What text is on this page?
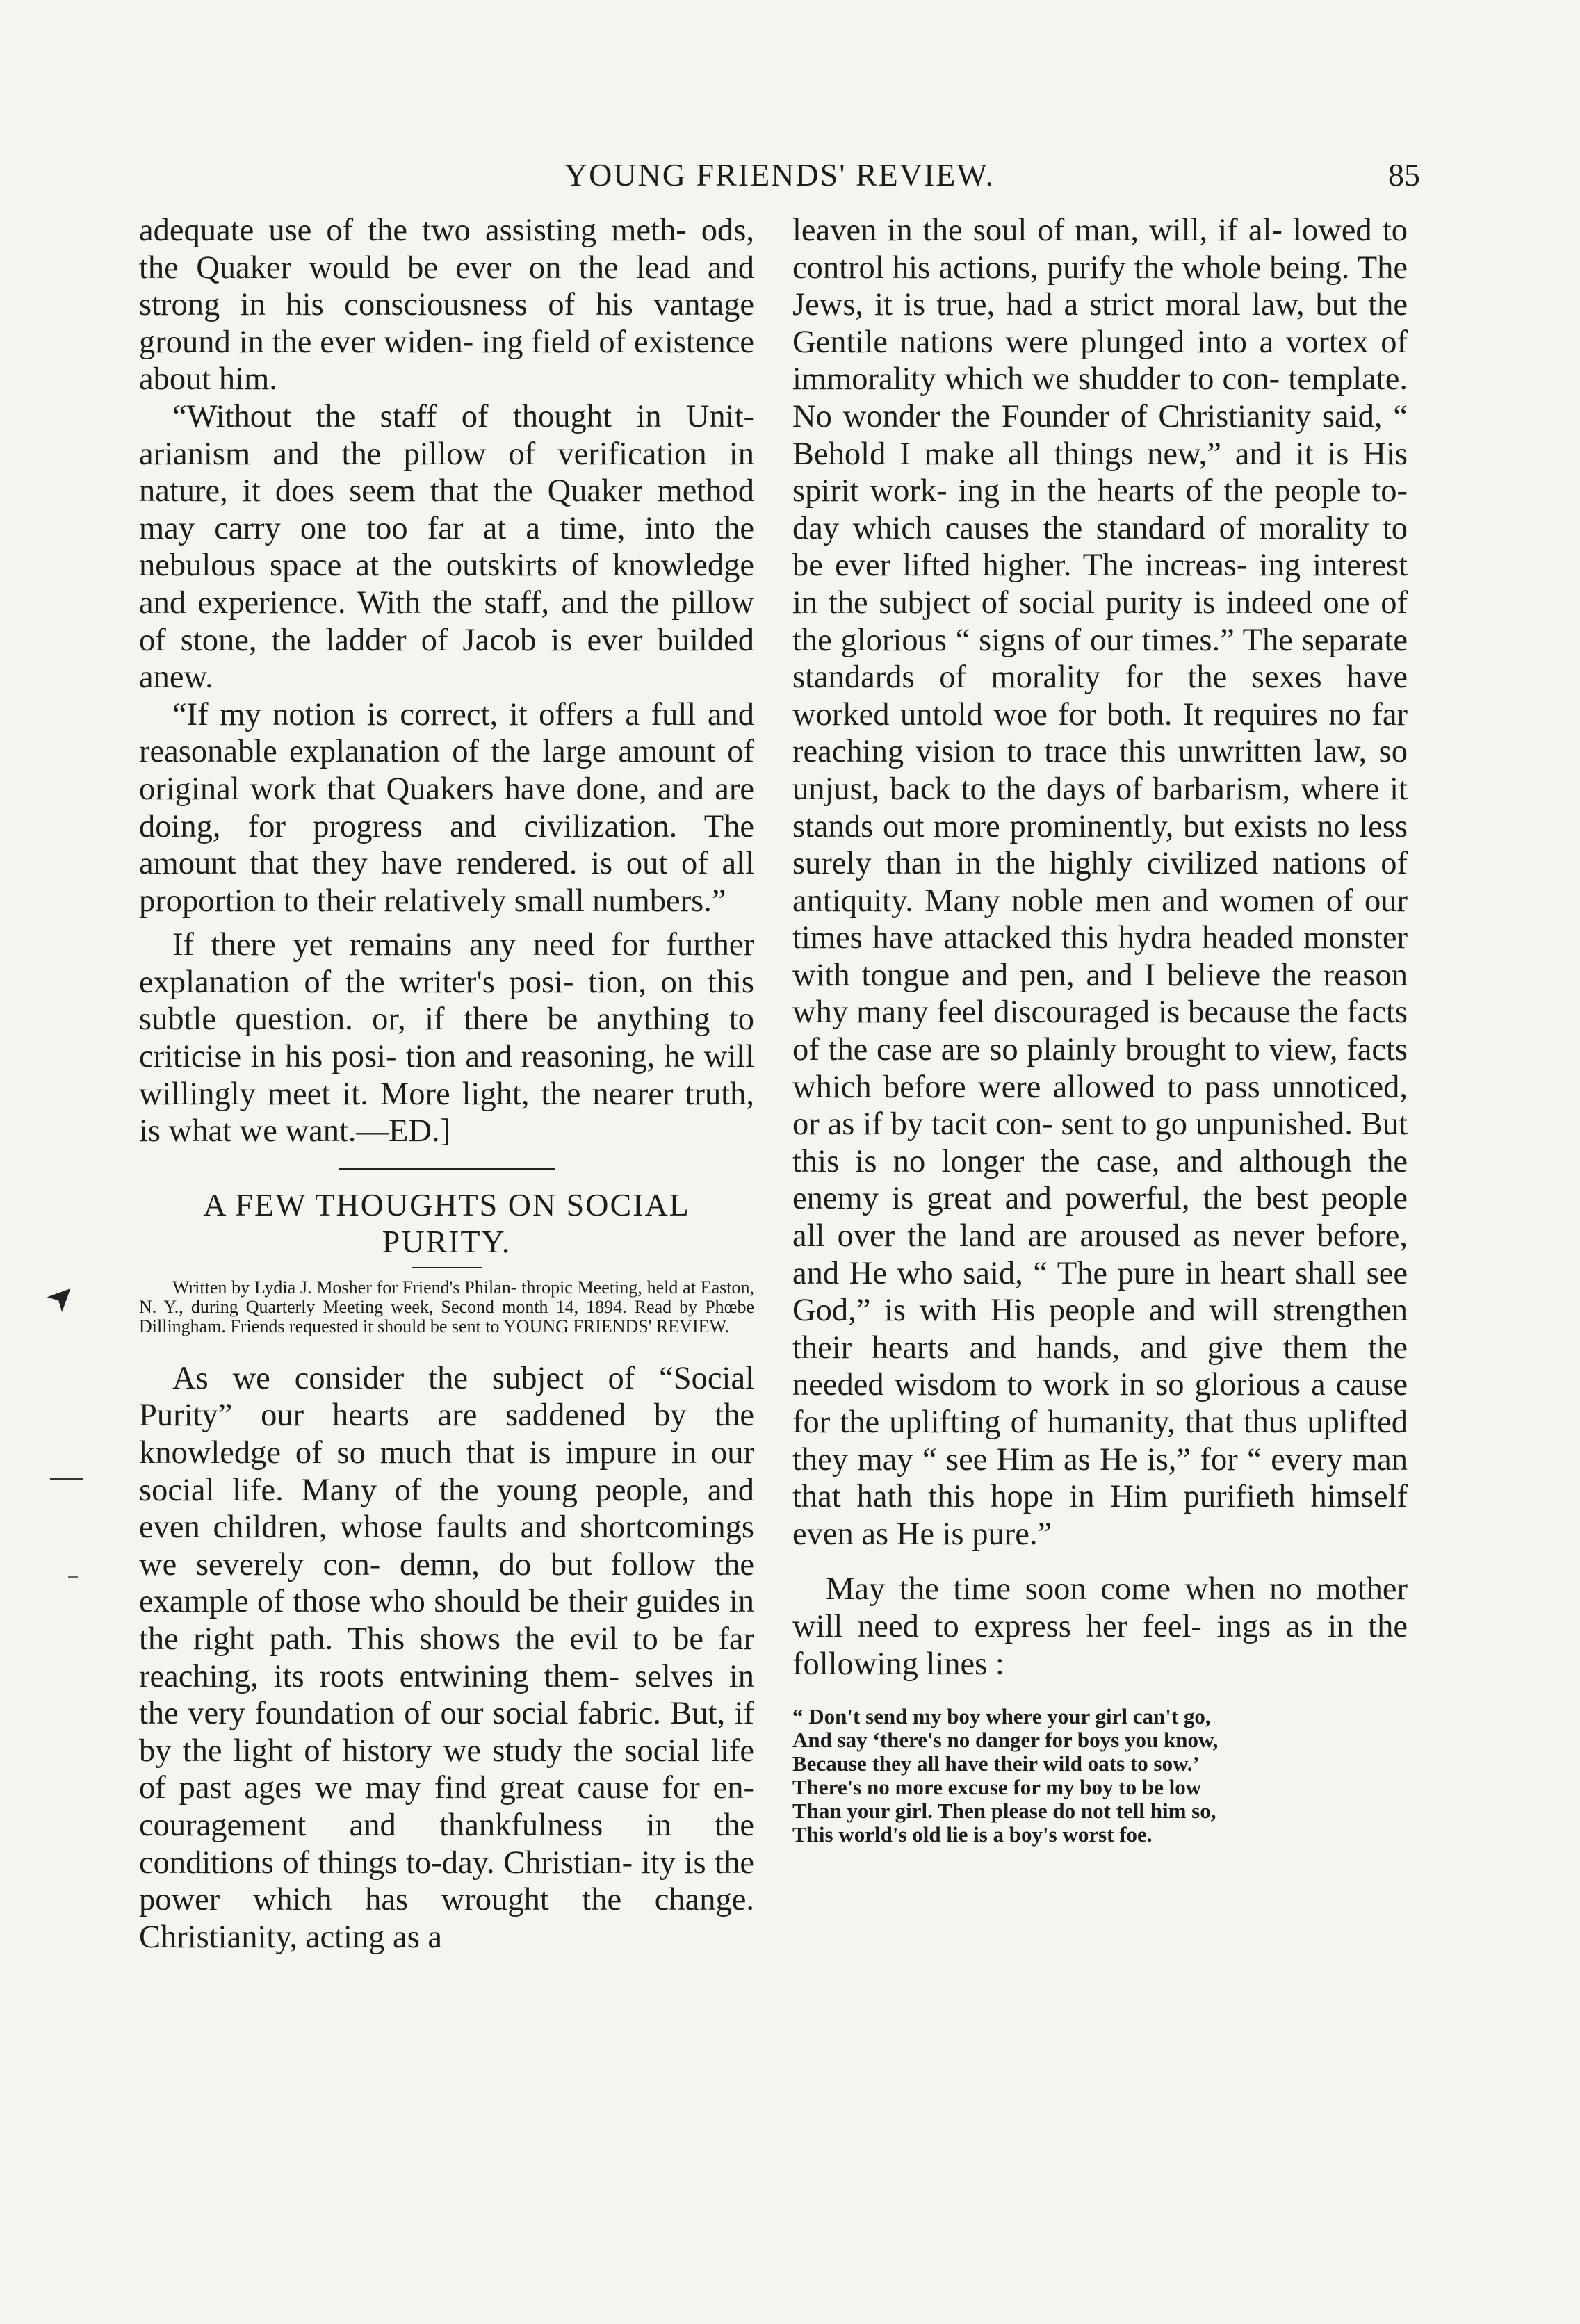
YOUNG FRIENDS' REVIEW.	85
➤

adequate use of the two assisting meth- ods, the Quaker would be ever on the lead and strong in his consciousness of his vantage ground in the ever widen- ing field of existence about him.

“Without the staff of thought in Unit- arianism and the pillow of verification in nature, it does seem that the Quaker method may carry one too far at a time, into the nebulous space at the outskirts of knowledge and experience. With the staff, and the pillow of stone, the ladder of Jacob is ever builded anew.

“If my notion is correct, it offers a full and reasonable explanation of the large amount of original work that Quakers have done, and are doing, for progress and civilization. The amount that they have rendered. is out of all proportion to their relatively small numbers.”

If there yet remains any need for further explanation of the writer's posi- tion, on this subtle question. or, if there be anything to criticise in his posi- tion and reasoning, he will willingly meet it. More light, the nearer truth, is what we want.—ED.]

A FEW THOUGHTS ON SOCIAL
PURITY.

Written by Lydia J. Mosher for Friend's Philan- thropic Meeting, held at Easton, N. Y., during Quarterly Meeting week, Second month 14, 1894. Read by Phœbe Dillingham. Friends requested it should be sent to YOUNG FRIENDS' REVIEW.

As we consider the subject of “Social Purity” our hearts are saddened by the knowledge of so much that is impure in our social life. Many of the young people, and even children, whose faults and shortcomings we severely con- demn, do but follow the example of those who should be their guides in the right path. This shows the evil to be far reaching, its roots entwining them- selves in the very foundation of our social fabric. But, if by the light of history we study the social life of past ages we may find great cause for en- couragement and thankfulness in the conditions of things to-day. Christian- ity is the power which has wrought the change. Christianity, acting as a

leaven in the soul of man, will, if al- lowed to control his actions, purify the whole being. The Jews, it is true, had a strict moral law, but the Gentile nations were plunged into a vortex of immorality which we shudder to con- template. No wonder the Founder of Christianity said, “ Behold I make all things new,” and it is His spirit work- ing in the hearts of the people to-day which causes the standard of morality to be ever lifted higher. The increas- ing interest in the subject of social purity is indeed one of the glorious “ signs of our times.” The separate standards of morality for the sexes have worked untold woe for both. It requires no far reaching vision to trace this unwritten law, so unjust, back to the days of barbarism, where it stands out more prominently, but exists no less surely than in the highly civilized nations of antiquity. Many noble men and women of our times have attacked this hydra headed monster with tongue and pen, and I believe the reason why many feel discouraged is because the facts of the case are so plainly brought to view, facts which before were allowed to pass unnoticed, or as if by tacit con- sent to go unpunished. But this is no longer the case, and although the enemy is great and powerful, the best people all over the land are aroused as never before, and He who said, “ The pure in heart shall see God,” is with His people and will strengthen their hearts and hands, and give them the needed wisdom to work in so glorious a cause for the uplifting of humanity, that thus uplifted they may “ see Him as He is,” for “ every man that hath this hope in Him purifieth himself even as He is pure.”

May the time soon come when no mother will need to express her feel- ings as in the following lines :

“ Don't send my boy where your girl can't go,
And say ‘there's no danger for boys you know,
Because they all have their wild oats to sow.’
There's no more excuse for my boy to be low
Than your girl. Then please do not tell him so,
This world's old lie is a boy's worst foe.
